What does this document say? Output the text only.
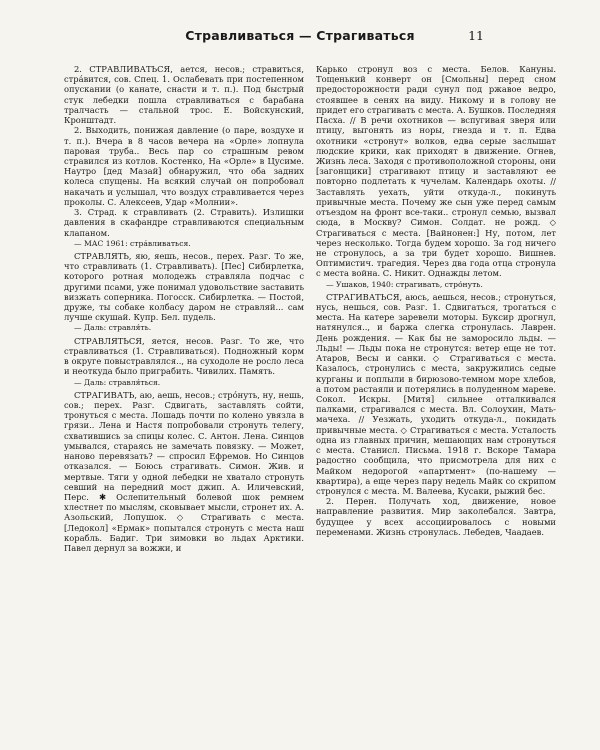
Стравливаться — Страгиваться	11

2. СТРАВЛИВАТЬСЯ, ается, несов.; стравиться, стрáвится, сов. Спец. 1. Ослабевать при постепенном опускании (о канате, снасти и т. п.). Под быстрый стук лебедки пошла стравливаться с барабана тралчасть — стальной трос. Е. Войскунский, Кронштадт.

2. Выходить, понижая давление (о паре, воздухе и т. п.). Вчера в 8 часов вечера на «Орле» лопнула паровая труба.. Весь пар со страшным ревом стравился из котлов. Костенко, На «Орле» в Цусиме. Наутро [дед Мазай] обнаружил, что оба задних колеса спущены. На всякий случай он попробовал накачать и услышал, что воздух стравливается через проколы. С. Алексеев, Удар «Молнии».

3. Страд. к стравливать (2. Стравить). Излишки давления в скафандре стравливаются специальным клапаном.

— МАС 1961: стрáвливаться.

СТРАВЛЯТЬ, яю, яешь, несов., перех. Разг. То же, что стравливать (1. Стравливать). [Пес] Сибирлетка, которого ротная молодежь стравляла подчас с другими псами, уже понимал удовольствие заставить визжать соперника. Погосск. Сибирлетка. — Постой, друже, ты собаке колбасу даром не стравляй... сам лучше скушай. Купр. Бел. пудель.

— Даль: стравля́ть.

СТРАВЛЯТЬСЯ, яется, несов. Разг. То же, что стравливаться (1. Стравливаться). Подножный корм в округе повыстравлялся.., на суходоле не росло леса и неоткуда было приграбить. Чивилих. Память.

— Даль: стравля́ться.

СТРАГИВАТЬ, аю, аешь, несов.; стрóнуть, ну, нешь, сов.; перех. Разг. Сдвигать, заставлять сойти, тронуться с места. Лошадь почти по колено увязла в грязи.. Лена и Настя попробовали стронуть телегу, схватившись за спицы колес. С. Антон. Лена. Синцов умывался, стараясь не замечать повязку. — Может, наново перевязать? — спросил Ефремов. Но Синцов отказался. — Боюсь страгивать. Симон. Жив. и мертвые. Тяги у одной лебедки не хватало стронуть севший на передний мост джип. А. Иличевский, Перс. ✱ Ослепительный болевой шок ремнем хлестнет по мыслям, сковывает мысли, стронет их. А. Азольский, Лопушок. ◇ Страгивать с места. [Ледокол] «Ермак» попытался стронуть с места наш корабль. Бадиг. Три зимовки во льдах Арктики. Павел дернул за вожжи, и

Карько стронул воз с места. Белов. Кануны. Тощенький конверт он [Смольны] перед сном предосторожности ради сунул под ржавое ведро, стоявшее в сенях на виду. Никому и в голову не придет его страгивать с места. А. Бушков. Последняя Пасха. // В речи охотников — вспугивая зверя или птицу, выгонять из норы, гнезда и т. п. Едва охотники «стронут» волков, едва серые заслышат людские крики, как приходят в движение. Огнев, Жизнь леса. Заходя с противоположной стороны, они [загонщики] страгивают птицу и заставляют ее повторно подлетать к чучелам. Календарь охоты. // Заставлять уехать, уйти откуда-л., покинуть привычные места. Почему же сын уже перед самым отъездом на фронт все-таки.. стронул семью, вызвал сюда, в Москву? Симон. Солдат. не рожд. ◇ Страгиваться с места. [Вайнонен:] Ну, потом, лет через несколько. Тогда будем хорошо. За год ничего не стронулось, а за три будет хорошо. Вишнев. Оптимистич. трагедия. Через два года отца стронула с места война. С. Никит. Однажды летом.

— Ушаков, 1940: страгивать, стро́нуть.

СТРАГИВАТЬСЯ, аюсь, аешься, несов.; стронуться, нусь, нешься, сов. Разг. 1. Сдвигаться, трогаться с места. На катере заревели моторы. Буксир дрогнул, натянулся.., и баржа слегка стронулась. Лаврен. День рождения. — Как бы не заморосило льды. — Льды! — Льды пока не стронутся: ветер еще не тот. Атаров, Весы и санки. ◇ Страгиваться с места. Казалось, стронулись с места, закружились седые курганы и поплыли в бирюзово-темном море хлебов, а потом растаяли и потерялись в полуденном мареве. Сокол. Искры. [Митя] сильнее отталкивался палками, страгивался с места. Вл. Солоухин, Мать-мачеха. // Уезжать, уходить откуда-л., покидать привычные места. ◇ Страгиваться с места. Усталость одна из главных причин, мешающих нам стронуться с места. Станисл. Письма. 1918 г. Вскоре Тамара радостно сообщила, что присмотрела для них с Майком недорогой «апартмент» (по-нашему — квартира), а еще через пару недель Майк со скрипом стронулся с места. М. Валеева, Кусаки, рыжий бес.

2. Перен. Получать ход, движение, новое направление развития. Мир заколебался. Завтра, будущее у всех ассоциировалось с новыми переменами. Жизнь стронулась. Лебедев, Чаадаев.
